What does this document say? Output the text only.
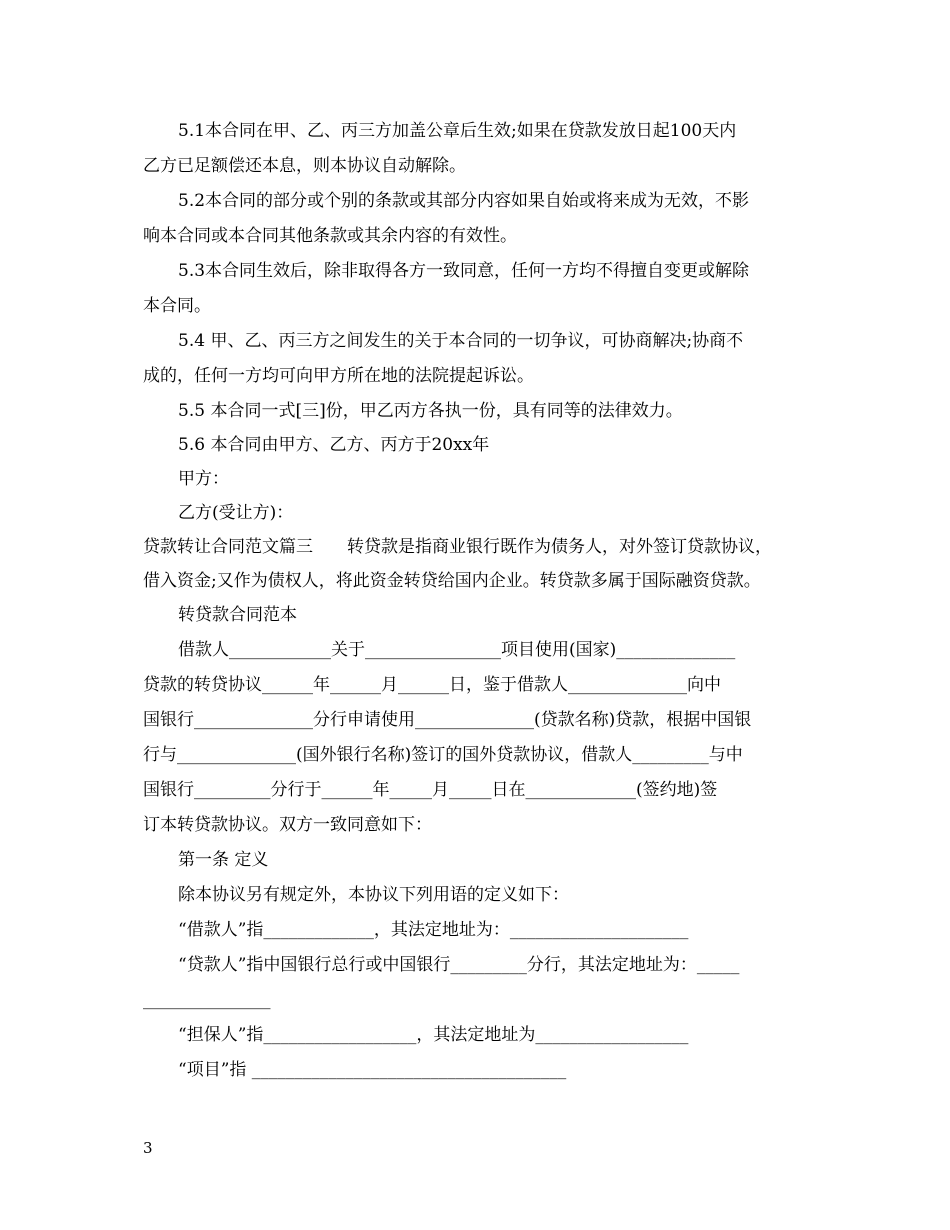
5.1本合同在甲、乙、丙三方加盖公章后生效;如果在贷款发放日起100天内
乙方已足额偿还本息，则本协议自动解除。
5.2本合同的部分或个别的条款或其部分内容如果自始或将来成为无效，不影
响本合同或本合同其他条款或其余内容的有效性。
5.3本合同生效后，除非取得各方一致同意，任何一方均不得擅自变更或解除
本合同。
5.4 甲、乙、丙三方之间发生的关于本合同的一切争议，可协商解决;协商不
成的，任何一方均可向甲方所在地的法院提起诉讼。
5.5 本合同一式[三]份，甲乙丙方各执一份，具有同等的法律效力。
5.6 本合同由甲方、乙方、丙方于20xx年
甲方：
乙方(受让方)：
贷款转让合同范文篇三　　转贷款是指商业银行既作为债务人，对外签订贷款协议，
借入资金;又作为债权人，将此资金转贷给国内企业。转贷款多属于国际融资贷款。
转贷款合同范本
借款人____________关于________________项目使用(国家)______________
贷款的转贷协议______年______月______日，鉴于借款人______________向中
国银行______________分行申请使用______________(贷款名称)贷款，根据中国银
行与______________(国外银行名称)签订的国外贷款协议，借款人_________与中
国银行_________分行于______年_____月_____日在_____________(签约地)签
订本转贷款协议。双方一致同意如下：
第一条 定义
除本协议另有规定外，本协议下列用语的定义如下：
“借款人”指_____________，其法定地址为：_____________________
“贷款人”指中国银行总行或中国银行_________分行，其法定地址为：_____
_______________
“担保人”指__________________，其法定地址为__________________
“项目”指 _____________________________________
3
